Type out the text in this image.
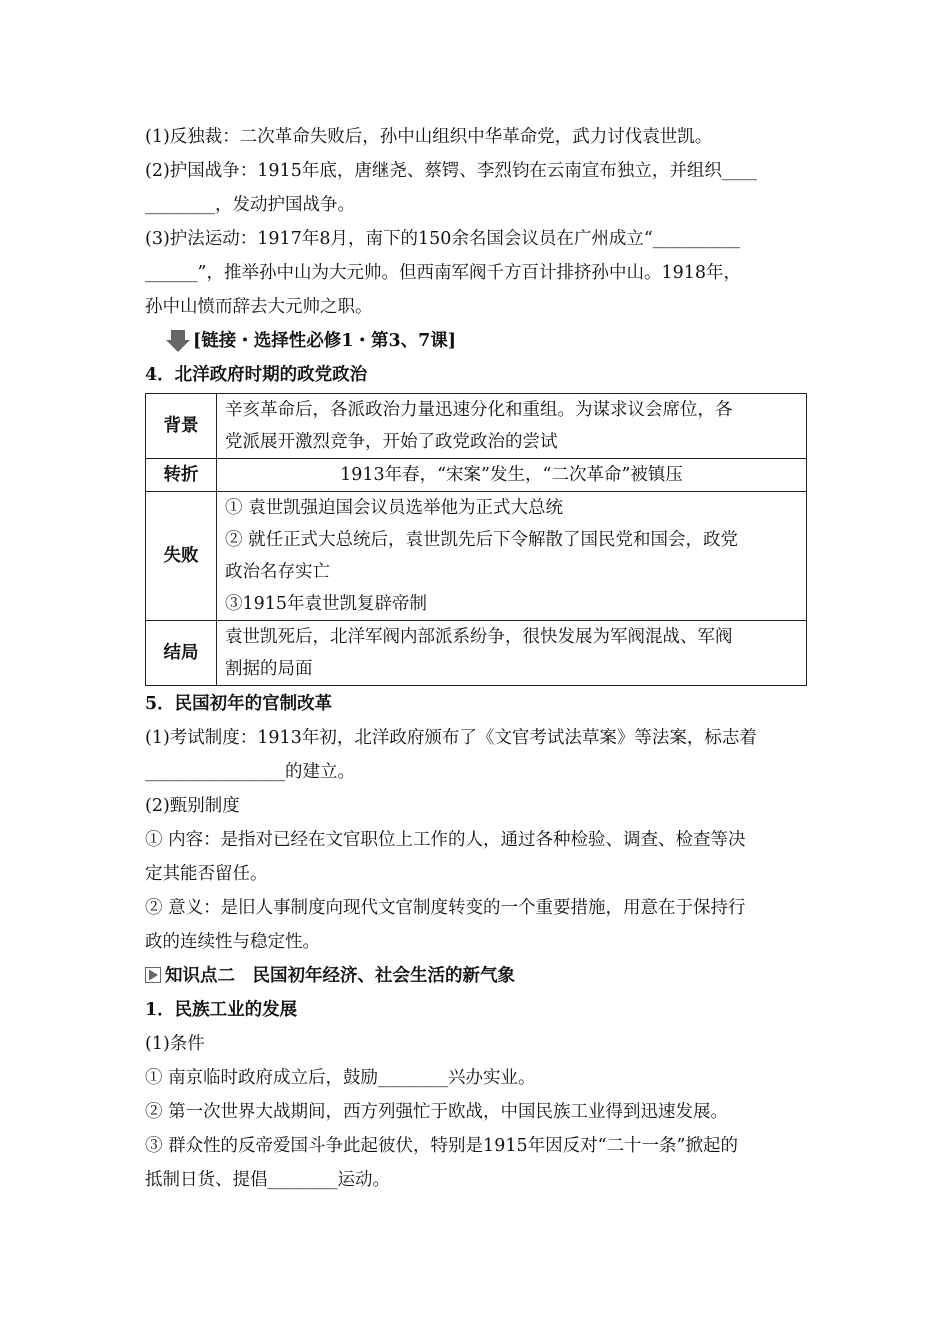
(1)反独裁：二次革命失败后，孙中山组织中华革命党，武力讨伐袁世凯。
(2)护国战争：1915年底，唐继尧、蔡锷、李烈钧在云南宣布独立，并组织____
________，发动护国战争。
(3)护法运动：1917年8月，南下的150余名国会议员在广州成立“__________
______”，推举孙中山为大元帅。但西南军阀千方百计排挤孙中山。1918年，
孙中山愤而辞去大元帅之职。
[链接・选择性必修1・第3、7课]
4．北洋政府时期的政党政治
背景	辛亥革命后，各派政治力量迅速分化和重组。为谋求议会席位，各
党派展开激烈竞争，开始了政党政治的尝试

转折	1913年春，“宋案”发生，“二次革命”被镇压

失败	① 袁世凯强迫国会议员选举他为正式大总统
② 就任正式大总统后，袁世凯先后下令解散了国民党和国会，政党
政治名存实亡
③1915年袁世凯复辟帝制

结局	袁世凯死后，北洋军阀内部派系纷争，很快发展为军阀混战、军阀
割据的局面
5．民国初年的官制改革
(1)考试制度：1913年初，北洋政府颁布了《文官考试法草案》等法案，标志着
________________的建立。
(2)甄别制度
① 内容：是指对已经在文官职位上工作的人，通过各种检验、调查、检查等决
定其能否留任。
② 意义：是旧人事制度向现代文官制度转变的一个重要措施，用意在于保持行
政的连续性与稳定性。
知识点二　民国初年经济、社会生活的新气象
1．民族工业的发展
(1)条件
① 南京临时政府成立后，鼓励________兴办实业。
② 第一次世界大战期间，西方列强忙于欧战，中国民族工业得到迅速发展。
③ 群众性的反帝爱国斗争此起彼伏，特别是1915年因反对“二十一条”掀起的
抵制日货、提倡________运动。
